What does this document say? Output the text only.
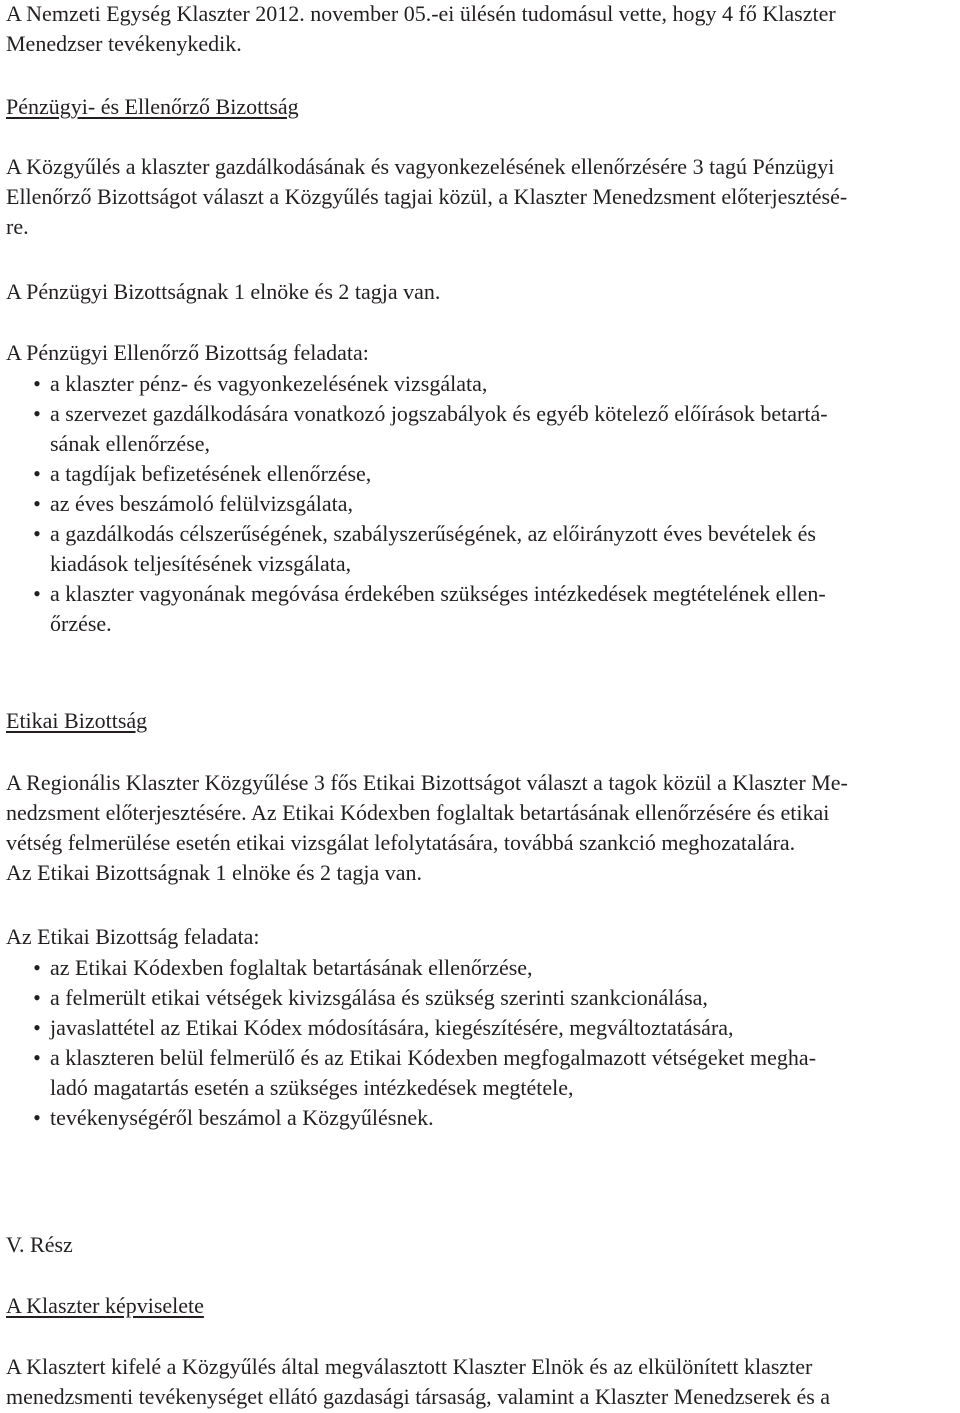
A Nemzeti Egység Klaszter 2012. november 05.-ei ülésén tudomásul vette, hogy 4 fő Klaszter
Menedzser tevékenykedik.

Pénzügyi- és Ellenőrző Bizottság

A Közgyűlés a klaszter gazdálkodásának és vagyonkezelésének ellenőrzésére 3 tagú Pénzügyi
Ellenőrző Bizottságot választ a Közgyűlés tagjai közül, a Klaszter Menedzsment előterjesztésé-
re.

A Pénzügyi Bizottságnak 1 elnöke és 2 tagja van.

A Pénzügyi Ellenőrző Bizottság feladata:

• a klaszter pénz- és vagyonkezelésének vizsgálata,
• a szervezet gazdálkodására vonatkozó jogszabályok és egyéb kötelező előírások betartá-
sának ellenőrzése,
• a tagdíjak befizetésének ellenőrzése,
• az éves beszámoló felülvizsgálata,
• a gazdálkodás célszerűségének, szabályszerűségének, az előirányzott éves bevételek és
kiadások teljesítésének vizsgálata,
• a klaszter vagyonának megóvása érdekében szükséges intézkedések megtételének ellen-
őrzése.

Etikai Bizottság

A Regionális Klaszter Közgyűlése 3 fős Etikai Bizottságot választ a tagok közül a Klaszter Me-
nedzsment előterjesztésére. Az Etikai Kódexben foglaltak betartásának ellenőrzésére és etikai
vétség felmerülése esetén etikai vizsgálat lefolytatására, továbbá szankció meghozatalára.
Az Etikai Bizottságnak 1 elnöke és 2 tagja van.

Az Etikai Bizottság feladata:

• az Etikai Kódexben foglaltak betartásának ellenőrzése,
• a felmerült etikai vétségek kivizsgálása és szükség szerinti szankcionálása,
• javaslattétel az Etikai Kódex módosítására, kiegészítésére, megváltoztatására,
• a klaszteren belül felmerülő és az Etikai Kódexben megfogalmazott vétségeket megha-
ladó magatartás esetén a szükséges intézkedések megtétele,
• tevékenységéről beszámol a Közgyűlésnek.

V. Rész

A Klaszter képviselete

A Klasztert kifelé a Közgyűlés által megválasztott Klaszter Elnök és az elkülönített klaszter
menedzsmenti tevékenységet ellátó gazdasági társaság, valamint a Klaszter Menedzserek és a
